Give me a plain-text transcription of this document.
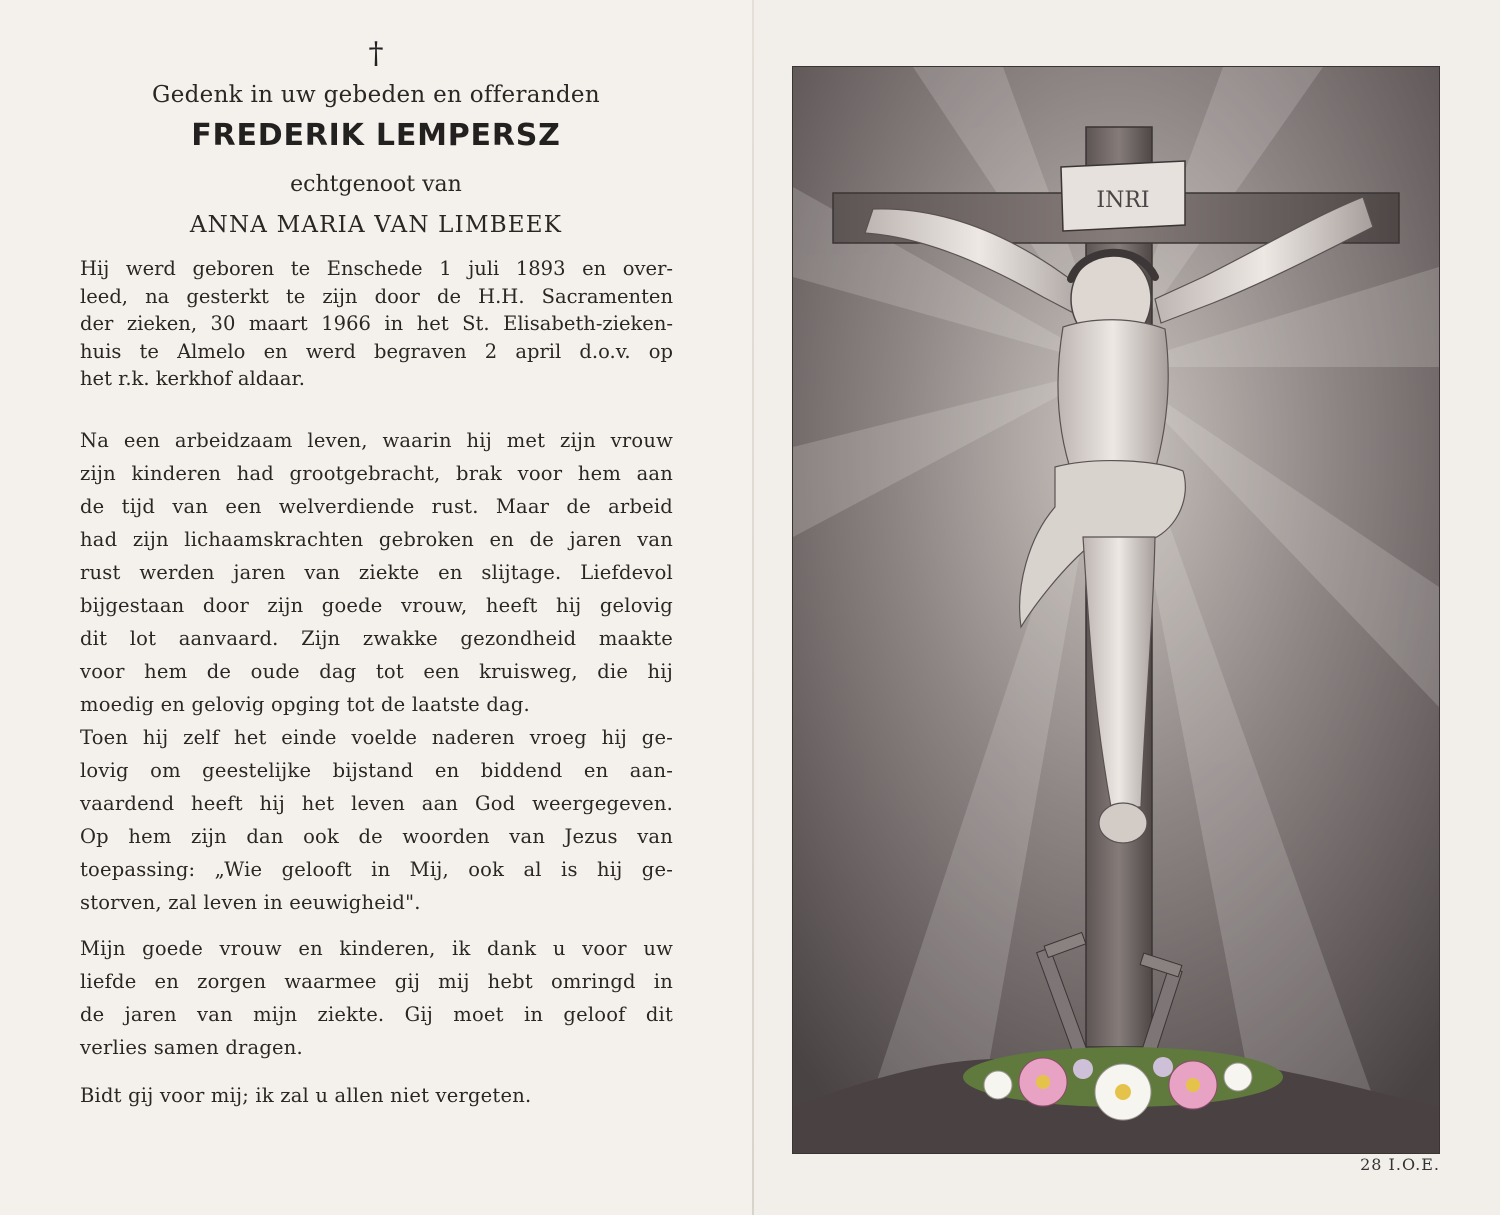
†
Gedenk in uw gebeden en offeranden
FREDERIK LEMPERSZ
echtgenoot van
ANNA MARIA VAN LIMBEEK
Hij werd geboren te Enschede 1 juli 1893 en over-
leed, na gesterkt te zijn door de H.H. Sacramenten
der zieken, 30 maart 1966 in het St. Elisabeth-zieken-
huis te Almelo en werd begraven 2 april d.o.v. op
het r.k. kerkhof aldaar.
Na een arbeidzaam leven, waarin hij met zijn vrouw
zijn kinderen had grootgebracht, brak voor hem aan
de tijd van een welverdiende rust. Maar de arbeid
had zijn lichaamskrachten gebroken en de jaren van
rust werden jaren van ziekte en slijtage. Liefdevol
bijgestaan door zijn goede vrouw, heeft hij gelovig
dit lot aanvaard. Zijn zwakke gezondheid maakte
voor hem de oude dag tot een kruisweg, die hij
moedig en gelovig opging tot de laatste dag.
Toen hij zelf het einde voelde naderen vroeg hij ge-
lovig om geestelijke bijstand en biddend en aan-
vaardend heeft hij het leven aan God weergegeven.
Op hem zijn dan ook de woorden van Jezus van
toepassing: „Wie gelooft in Mij, ook al is hij ge-
storven, zal leven in eeuwigheid".
Mijn goede vrouw en kinderen, ik dank u voor uw
liefde en zorgen waarmee gij mij hebt omringd in
de jaren van mijn ziekte. Gij moet in geloof dit
verlies samen dragen.
Bidt gij voor mij; ik zal u allen niet vergeten.
INRI
28 I.O.E.
